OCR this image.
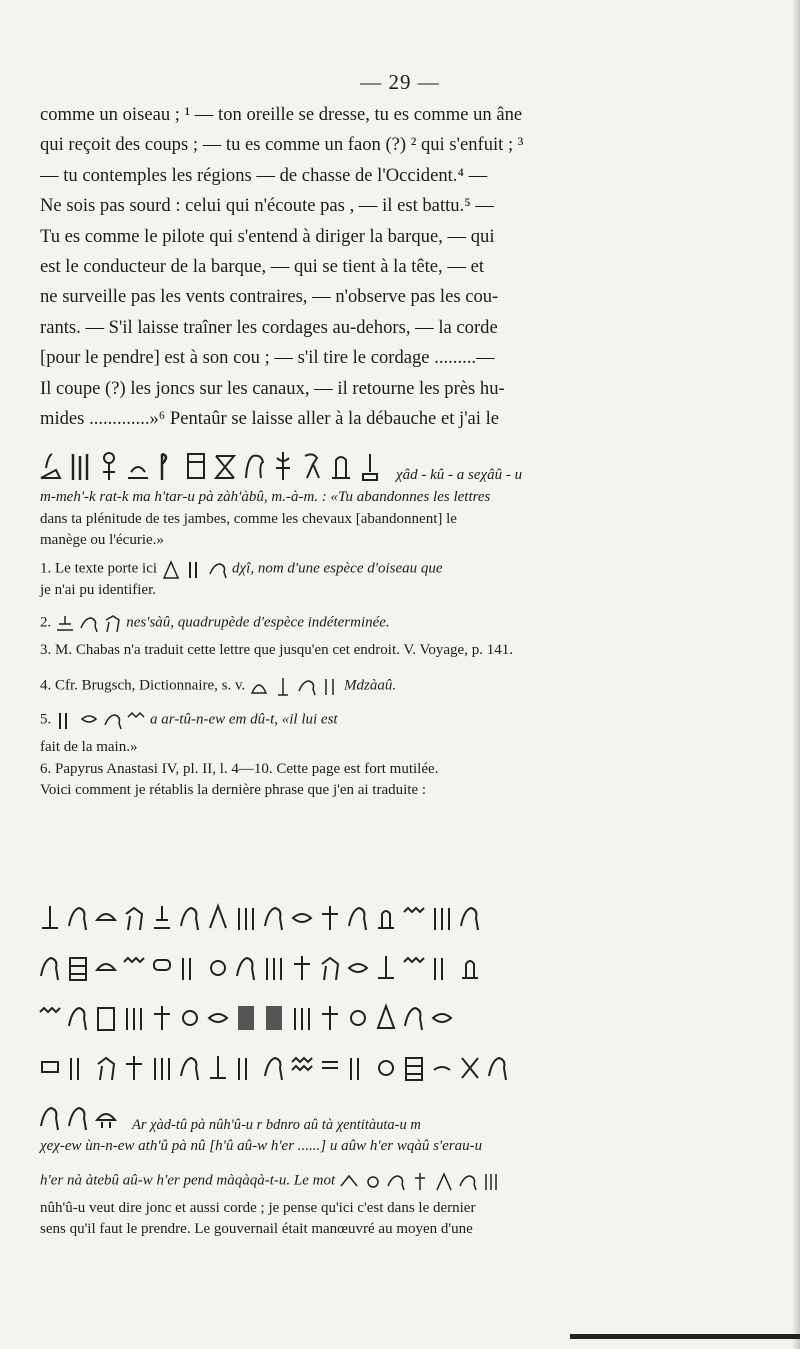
— 29 —
comme un oiseau ; ¹ — ton oreille se dresse, tu es comme un âne
qui reçoit des coups ; — tu es comme un faon (?) ² qui s'enfuit ; ³
— tu contemples les régions — de chasse de l'Occident.⁴ —
Ne sois pas sourd : celui qui n'écoute pas , — il est battu.⁵ —
Tu es comme le pilote qui s'entend à diriger la barque, — qui
est le conducteur de la barque, — qui se tient à la tête, — et
ne surveille pas les vents contraires, — n'observe pas les cou-
rants. — S'il laisse traîner les cordages au-dehors, — la corde
[pour le pendre] est à son cou ; — s'il tire le cordage .........—
Il coupe (?) les joncs sur les canaux, — il retourne les près hu-
mides .............»⁶ Pentaûr se laisse aller à la débauche et j'ai le
χâd - kû - a seχâû - u

m-meh'-k rat-k ma h'tar-u pà zàh'àbû, m.-à-m. : «Tu abandonnes les lettres

dans ta plénitude de tes jambes, comme les chevaux [abandonnent] le

manège ou l'écurie.»

1. Le texte porte ici	dχî, nom d'une espèce d'oiseau que

je n'ai pu identifier.

2.	nes'sàû, quadrupède d'espèce indéterminée.

3. M. Chabas n'a traduit cette lettre que jusqu'en cet endroit. V. Voyage, p. 141.

4. Cfr. Brugsch, Dictionnaire, s. v.	Mdzàaû.

5.	a ar-tû-n-ew em dû-t, «il lui est

fait de la main.»

6. Papyrus Anastasi IV, pl. II, l. 4—10. Cette page est fort mutilée.

Voici comment je rétablis la dernière phrase que j'en ai traduite :

Ar χàd-tû pà nûh'û-u r bdnro aû tà χentitàuta-u m

χeχ-ew ùn-n-ew ath'û pà nû [h'û aû-w h'er ......] u aûw h'er wqàû s'erau-u

h'er nà àtebû aû-w h'er pend màqàqà-t-u. Le mot

nûh'û-u veut dire jonc et aussi corde ; je pense qu'ici c'est dans le dernier

sens qu'il faut le prendre. Le gouvernail était manœuvré au moyen d'une
